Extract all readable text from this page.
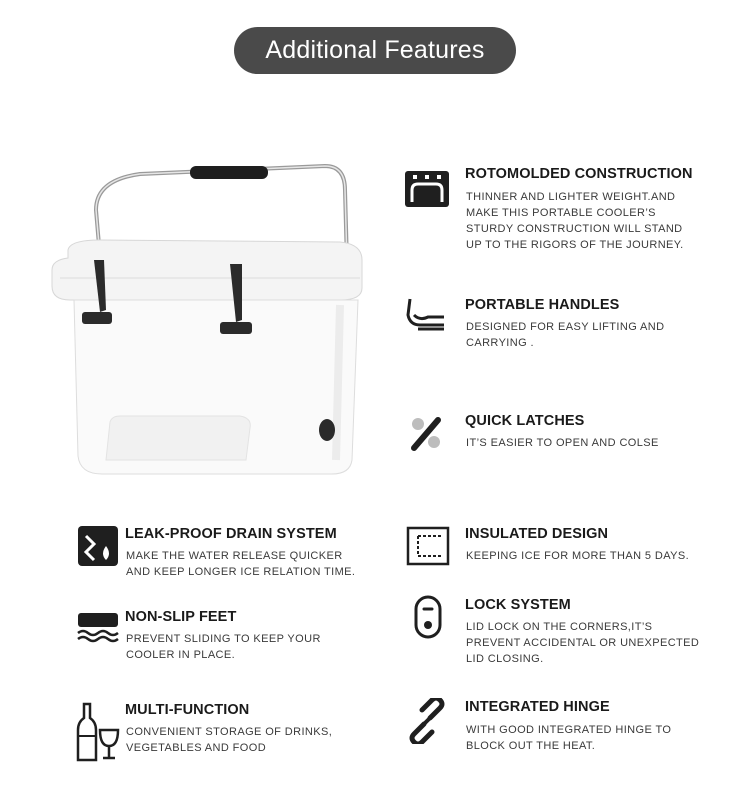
Additional Features
ROTOMOLDED CONSTRUCTION
THINNER AND LIGHTER WEIGHT.AND
MAKE THIS PORTABLE COOLER’S
STURDY CONSTRUCTION WILL STAND
UP TO THE RIGORS OF THE JOURNEY.
PORTABLE HANDLES
DESIGNED FOR EASY LIFTING AND
CARRYING .
QUICK LATCHES
IT’S EASIER TO OPEN AND COLSE
LEAK-PROOF DRAIN SYSTEM
MAKE THE WATER RELEASE QUICKER
AND KEEP LONGER ICE RELATION TIME.
INSULATED DESIGN
KEEPING ICE FOR MORE THAN 5 DAYS.
NON-SLIP FEET
PREVENT SLIDING TO KEEP YOUR
COOLER IN PLACE.
LOCK SYSTEM
LID LOCK ON THE CORNERS,IT’S
PREVENT ACCIDENTAL OR UNEXPECTED
LID CLOSING.
MULTI-FUNCTION
CONVENIENT STORAGE OF DRINKS,
VEGETABLES AND FOOD
INTEGRATED HINGE
WITH GOOD INTEGRATED HINGE TO
BLOCK OUT THE HEAT.
